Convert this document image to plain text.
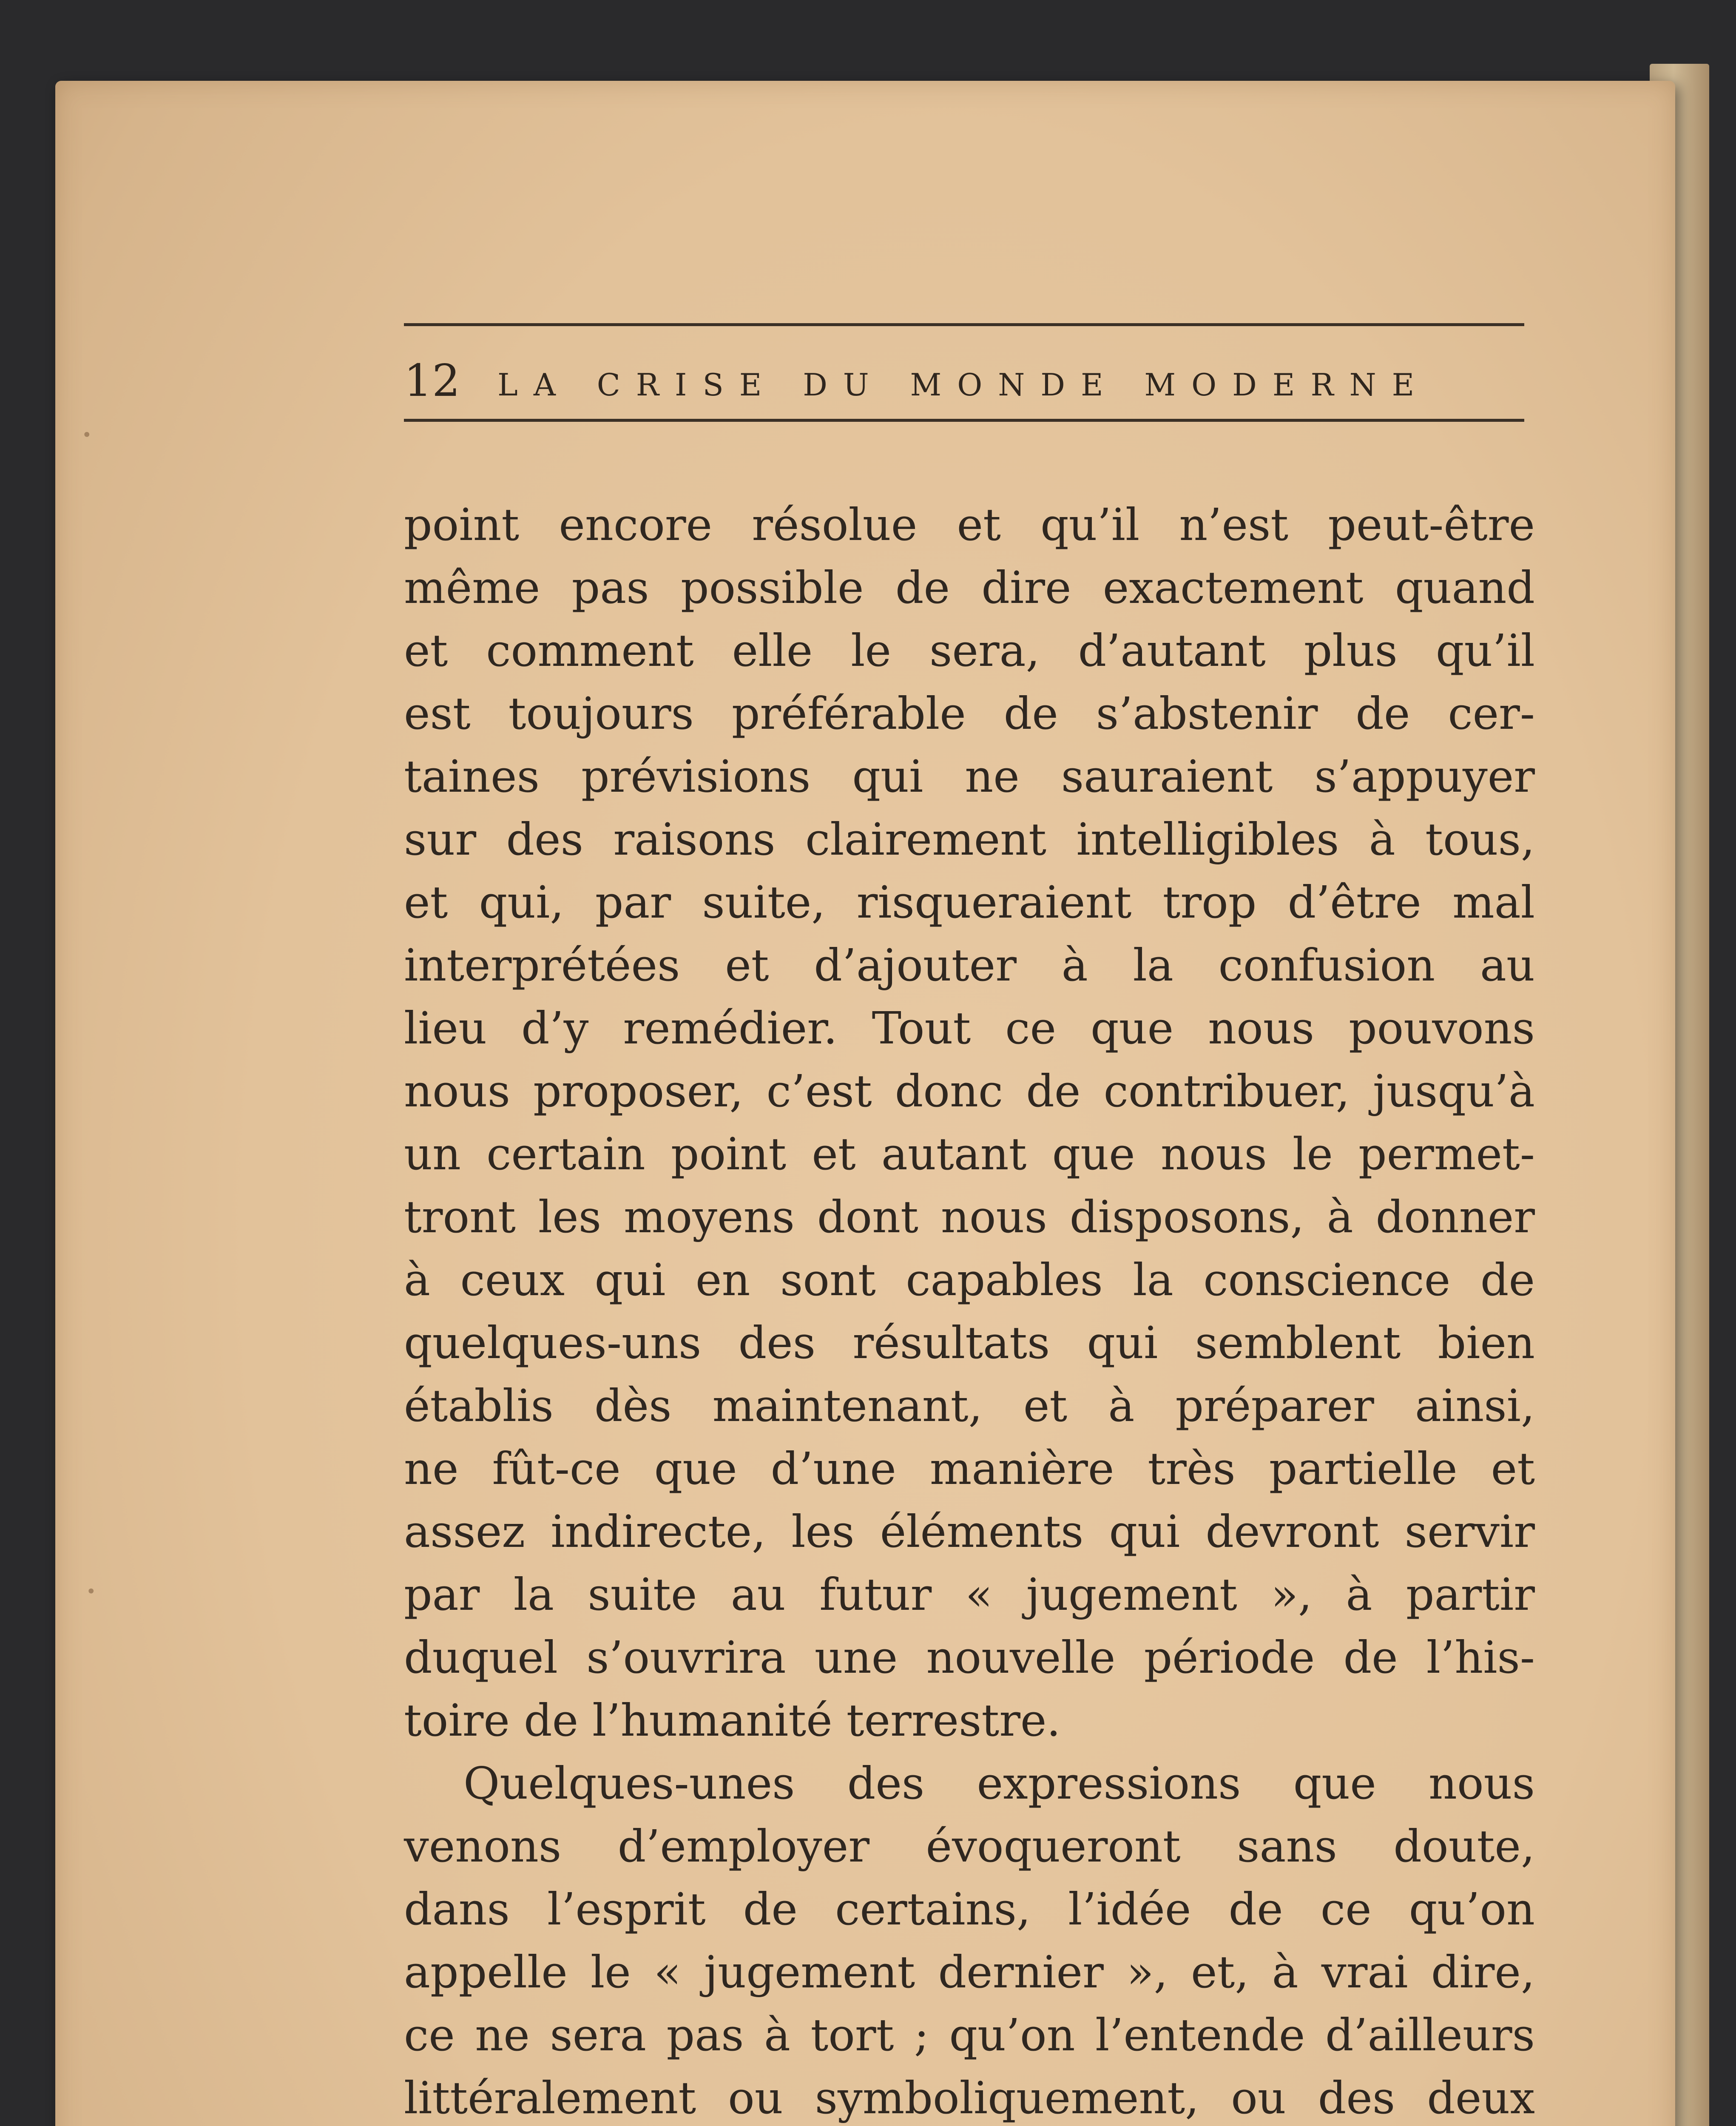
·
·
12 LA CRISE DU MONDE MODERNE
point encore résolue et qu’il n’est peut-être
même pas possible de dire exactement quand
et comment elle le sera, d’autant plus qu’il
est toujours préférable de s’abstenir de cer-
taines prévisions qui ne sauraient s’appuyer
sur des raisons clairement intelligibles à tous,
et qui, par suite, risqueraient trop d’être mal
interprétées et d’ajouter à la confusion au
lieu d’y remédier. Tout ce que nous pouvons
nous proposer, c’est donc de contribuer, jusqu’à
un certain point et autant que nous le permet-
tront les moyens dont nous disposons, à donner
à ceux qui en sont capables la conscience de
quelques-uns des résultats qui semblent bien
établis dès maintenant, et à préparer ainsi,
ne fût-ce que d’une manière très partielle et
assez indirecte, les éléments qui devront servir
par la suite au futur « jugement », à partir
duquel s’ouvrira une nouvelle période de l’his-
toire de l’humanité terrestre.
Quelques-unes des expressions que nous
venons d’employer évoqueront sans doute,
dans l’esprit de certains, l’idée de ce qu’on
appelle le « jugement dernier », et, à vrai dire,
ce ne sera pas à tort ; qu’on l’entende d’ailleurs
littéralement ou symboliquement, ou des deux
